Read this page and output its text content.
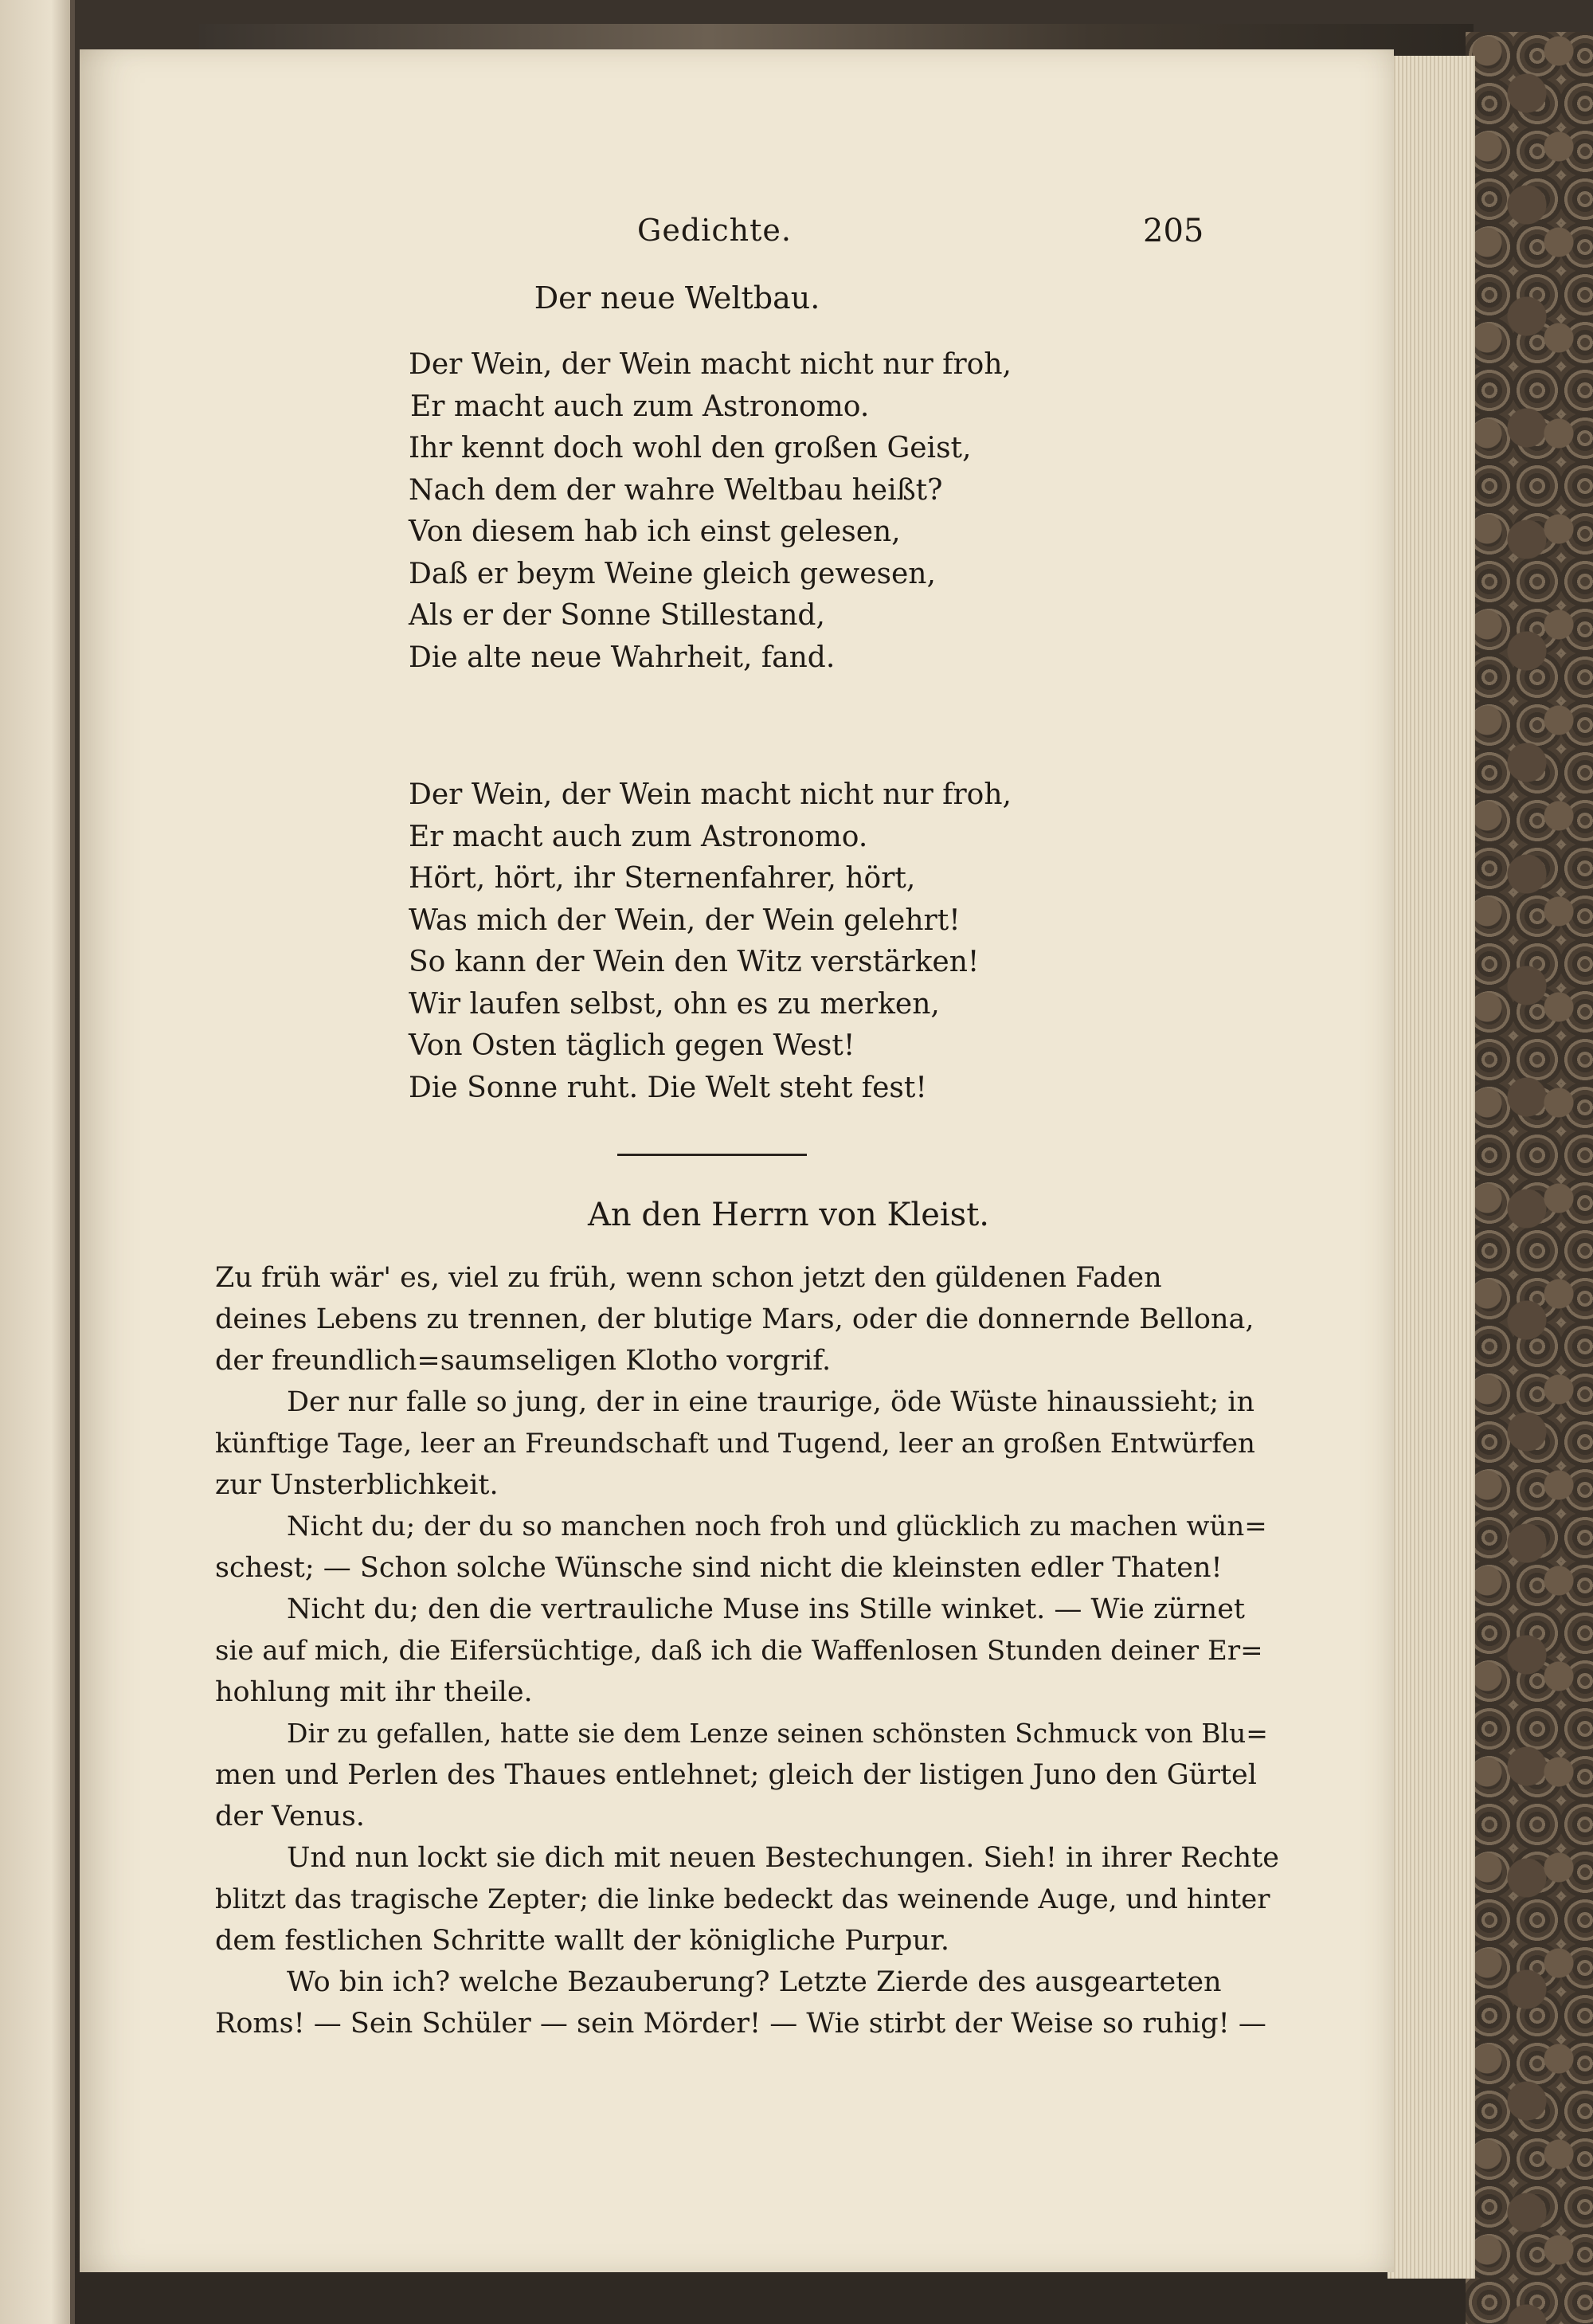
Gedichte.	205
Der neue Weltbau.
Der Wein, der Wein macht nicht nur froh,
Er macht auch zum Astronomo.
Ihr kennt doch wohl den großen Geist,
Nach dem der wahre Weltbau heißt?
Von diesem hab ich einst gelesen,
Daß er beym Weine gleich gewesen,
Als er der Sonne Stillestand,
Die alte neue Wahrheit, fand.
Der Wein, der Wein macht nicht nur froh,
Er macht auch zum Astronomo.
Hört, hört, ihr Sternenfahrer, hört,
Was mich der Wein, der Wein gelehrt!
So kann der Wein den Witz verstärken!
Wir laufen selbst, ohn es zu merken,
Von Osten täglich gegen West!
Die Sonne ruht. Die Welt steht fest!
An den Herrn von Kleist.
Zu früh wär' es, viel zu früh, wenn schon jetzt den güldenen Faden
deines Lebens zu trennen, der blutige Mars, oder die donnernde Bellona,
der freundlich=saumseligen Klotho vorgrif.
Der nur falle so jung, der in eine traurige, öde Wüste hinaussieht; in
künftige Tage, leer an Freundschaft und Tugend, leer an großen Entwürfen
zur Unsterblichkeit.
Nicht du; der du so manchen noch froh und glücklich zu machen wün=
schest; — Schon solche Wünsche sind nicht die kleinsten edler Thaten!
Nicht du; den die vertrauliche Muse ins Stille winket. — Wie zürnet
sie auf mich, die Eifersüchtige, daß ich die Waffenlosen Stunden deiner Er=
hohlung mit ihr theile.
Dir zu gefallen, hatte sie dem Lenze seinen schönsten Schmuck von Blu=
men und Perlen des Thaues entlehnet; gleich der listigen Juno den Gürtel
der Venus.
Und nun lockt sie dich mit neuen Bestechungen. Sieh! in ihrer Rechte
blitzt das tragische Zepter; die linke bedeckt das weinende Auge, und hinter
dem festlichen Schritte wallt der königliche Purpur.
Wo bin ich? welche Bezauberung? Letzte Zierde des ausgearteten
Roms! — Sein Schüler — sein Mörder! — Wie stirbt der Weise so ruhig! —
